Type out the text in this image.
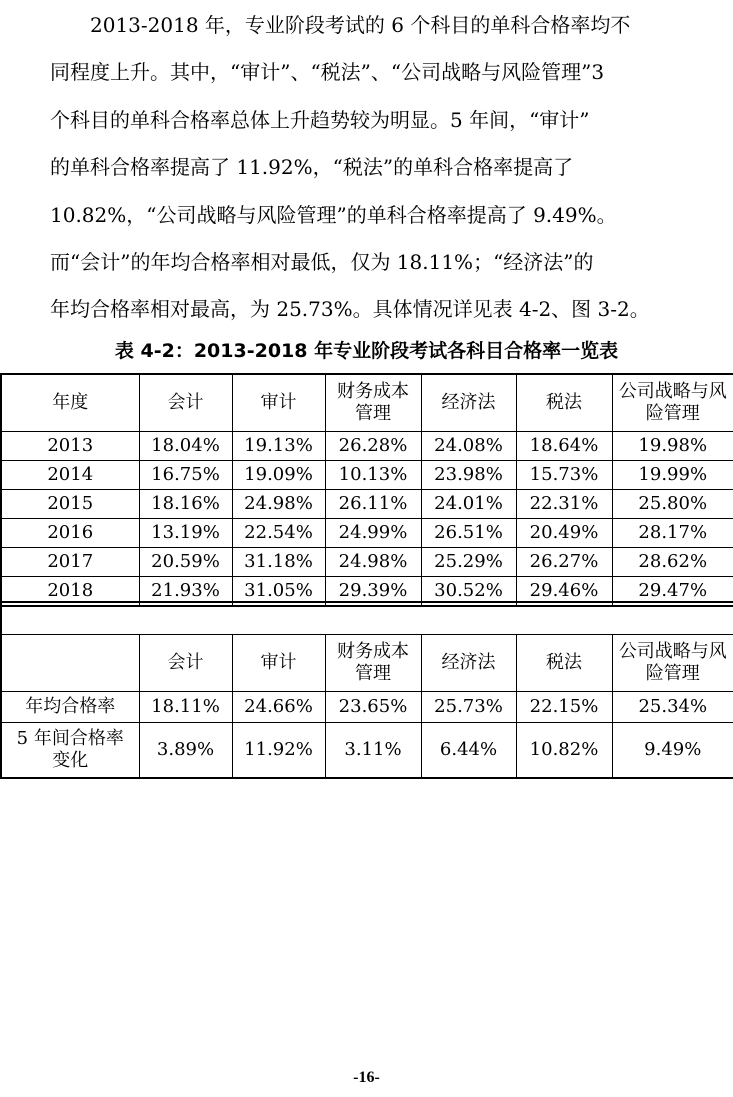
2013-2018 年，专业阶段考试的 6 个科目的单科合格率均不
同程度上升。其中，“审计”、“税法”、“公司战略与风险管理”3
个科目的单科合格率总体上升趋势较为明显。5 年间，“审计”
的单科合格率提高了 11.92%，“税法”的单科合格率提高了
10.82%，“公司战略与风险管理”的单科合格率提高了 9.49%。
而“会计”的年均合格率相对最低，仅为 18.11%；“经济法”的
年均合格率相对最高，为 25.73%。具体情况详见表 4-2、图 3-2。
表 4-2：2013-2018 年专业阶段考试各科目合格率一览表
年度	会计	审计	财务成本管理	经济法	税法	公司战略与风险管理
2013	18.04%	19.13%	26.28%	24.08%	18.64%	19.98%
2014	16.75%	19.09%	10.13%	23.98%	15.73%	19.99%
2015	18.16%	24.98%	26.11%	24.01%	22.31%	25.80%
2016	13.19%	22.54%	24.99%	26.51%	20.49%	28.17%
2017	20.59%	31.18%	24.98%	25.29%	26.27%	28.62%
2018	21.93%	31.05%	29.39%	30.52%	29.46%	29.47%

	会计	审计	财务成本管理	经济法	税法	公司战略与风险管理
年均合格率	18.11%	24.66%	23.65%	25.73%	22.15%	25.34%
5 年间合格率变化	3.89%	11.92%	3.11%	6.44%	10.82%	9.49%
-16-
